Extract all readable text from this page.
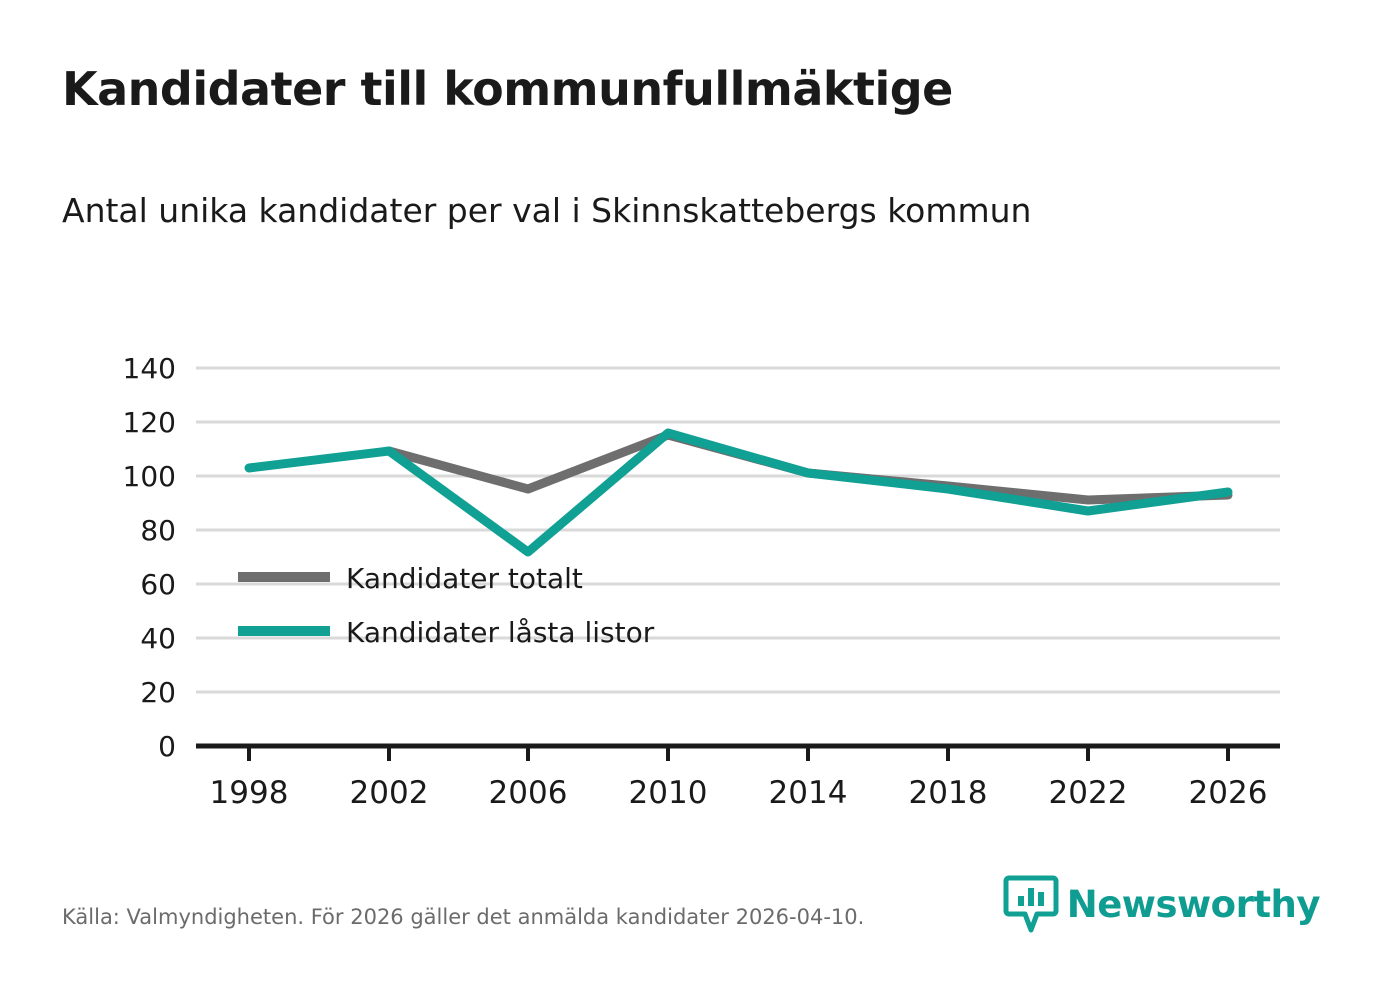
Kandidater till kommunfullmäktige
Antal unika kandidater per val i Skinnskattebergs kommun
140
120
100
80
60
40
20
0
Kandidater totalt
Kandidater låsta listor
1998 2002 2006 2010 2014 2018 2022 2026
Källa: Valmyndigheten. För 2026 gäller det anmälda kandidater 2026-04-10.	Newsworthy
